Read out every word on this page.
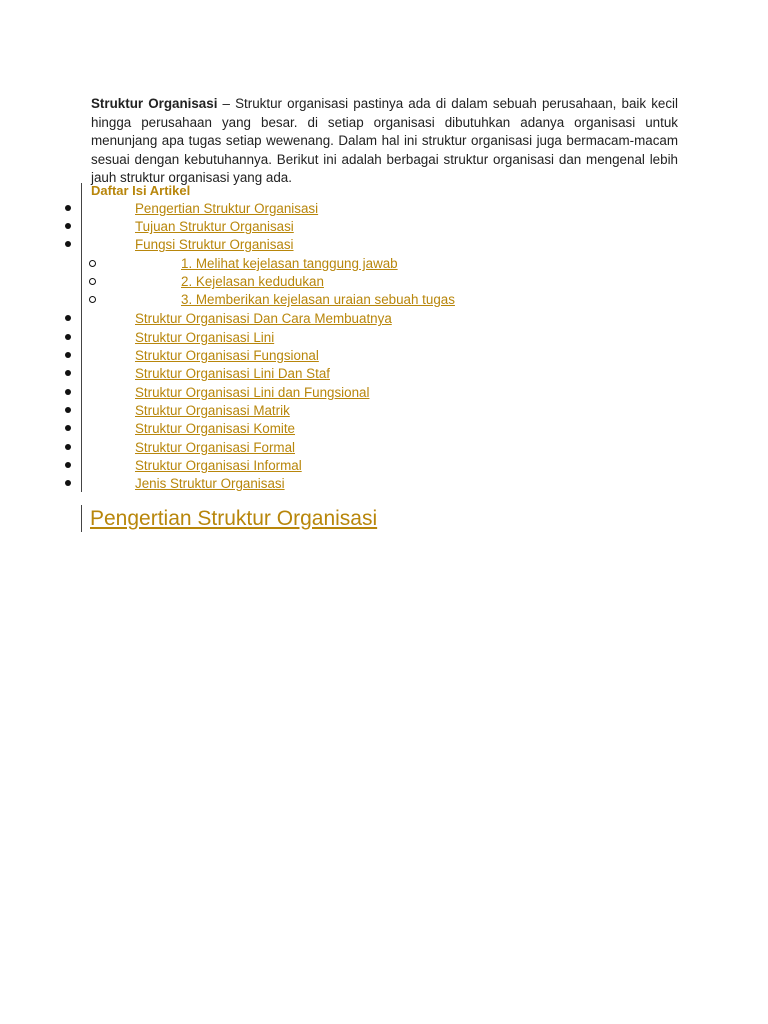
Struktur Organisasi – Struktur organisasi pastinya ada di dalam sebuah perusahaan, baik kecil hingga perusahaan yang besar. di setiap organisasi dibutuhkan adanya organisasi untuk menunjang apa tugas setiap wewenang. Dalam hal ini struktur organisasi juga bermacam-macam sesuai dengan kebutuhannya. Berikut ini adalah berbagai struktur organisasi dan mengenal lebih jauh struktur organisasi yang ada.

Daftar Isi Artikel
Pengertian Struktur Organisasi
Tujuan Struktur Organisasi
Fungsi Struktur Organisasi
1. Melihat kejelasan tanggung jawab
2. Kejelasan kedudukan
3. Memberikan kejelasan uraian sebuah tugas
Struktur Organisasi Dan Cara Membuatnya
Struktur Organisasi Lini
Struktur Organisasi Fungsional
Struktur Organisasi Lini Dan Staf
Struktur Organisasi Lini dan Fungsional
Struktur Organisasi Matrik
Struktur Organisasi Komite
Struktur Organisasi Formal
Struktur Organisasi Informal
Jenis Struktur Organisasi
Pengertian Struktur Organisasi
